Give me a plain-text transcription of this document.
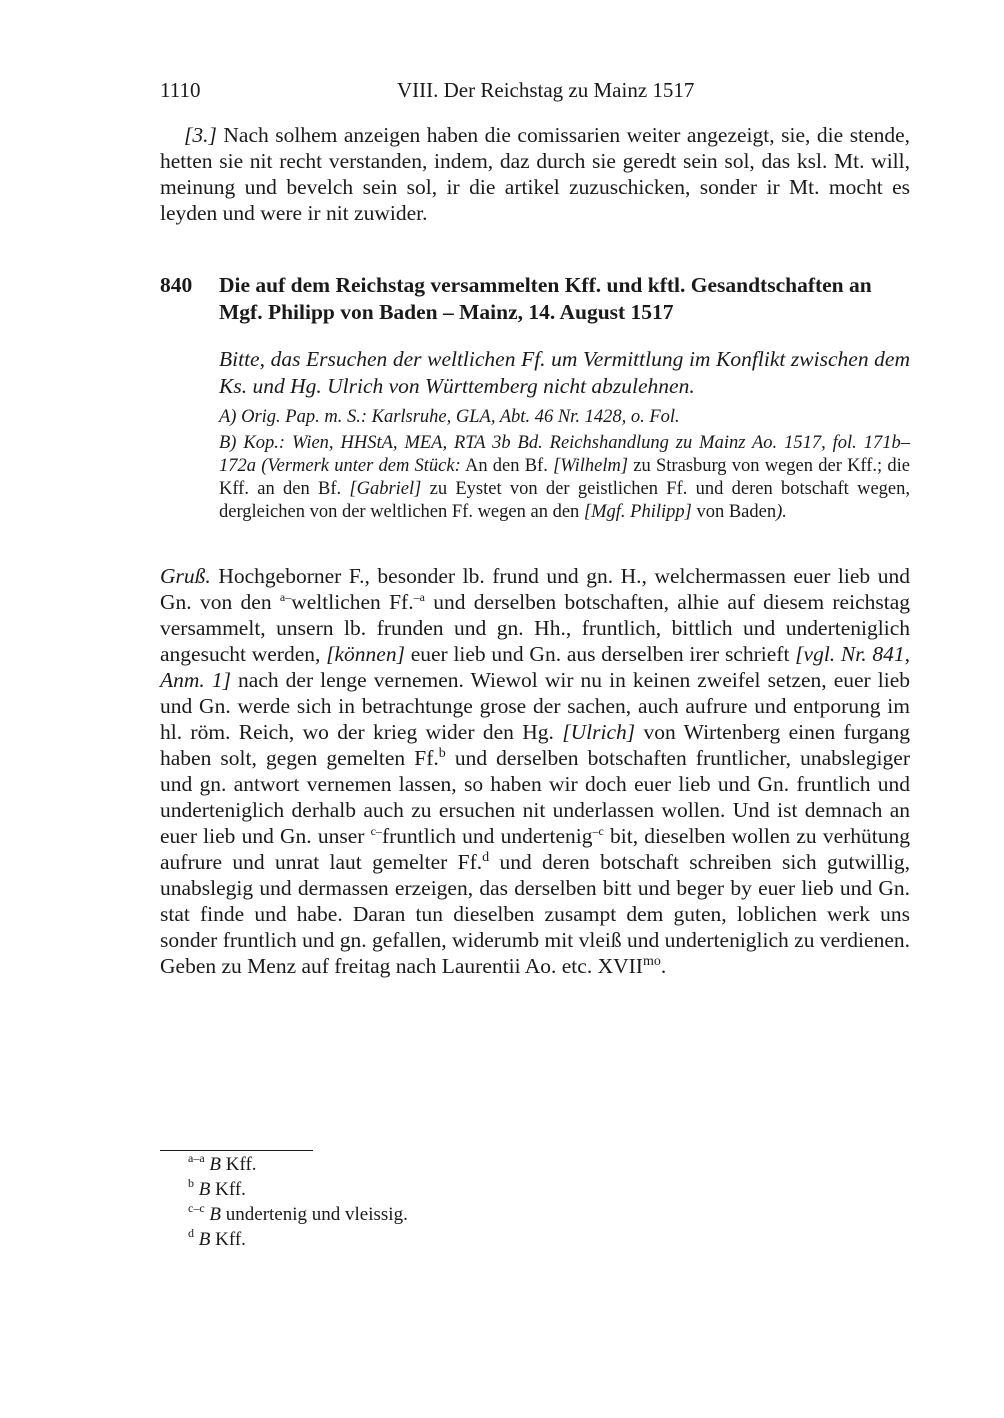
1110	VIII. Der Reichstag zu Mainz 1517

[3.] Nach solhem anzeigen haben die comissarien weiter angezeigt, sie, die stende, hetten sie nit recht verstanden, indem, daz durch sie geredt sein sol, das ksl. Mt. will, meinung und bevelch sein sol, ir die artikel zuzuschicken, sonder ir Mt. mocht es leyden und were ir nit zuwider.

840 Die auf dem Reichstag versammelten Kff. und kftl. Gesandtschaften an Mgf. Philipp von Baden – Mainz, 14. August 1517

Bitte, das Ersuchen der weltlichen Ff. um Vermittlung im Konflikt zwischen dem Ks. und Hg. Ulrich von Württemberg nicht abzulehnen.

A) Orig. Pap. m. S.: Karlsruhe, GLA, Abt. 46 Nr. 1428, o. Fol.

B) Kop.: Wien, HHStA, MEA, RTA 3b Bd. Reichshandlung zu Mainz Ao. 1517, fol. 171b–172a (Vermerk unter dem Stück: An den Bf. [Wilhelm] zu Strasburg von wegen der Kff.; die Kff. an den Bf. [Gabriel] zu Eystet von der geistlichen Ff. und deren botschaft wegen, dergleichen von der weltlichen Ff. wegen an den [Mgf. Philipp] von Baden).

Gruß. Hochgeborner F., besonder lb. frund und gn. H., welchermassen euer lieb und Gn. von den $^{a-}$weltlichen Ff.$^{-a}$ und derselben botschaften, alhie auf diesem reichstag versammelt, unsern lb. frunden und gn. Hh., fruntlich, bittlich und underteniglich angesucht werden, [können] euer lieb und Gn. aus derselben irer schrieft [vgl. Nr. 841, Anm. 1] nach der lenge vernemen. Wiewol wir nu in keinen zweifel setzen, euer lieb und Gn. werde sich in betrachtunge grose der sachen, auch aufrure und entporung im hl. röm. Reich, wo der krieg wider den Hg. [Ulrich] von Wirtenberg einen furgang haben solt, gegen gemelten Ff.$^b$ und derselben botschaften fruntlicher, unabslegiger und gn. antwort vernemen lassen, so haben wir doch euer lieb und Gn. fruntlich und underteniglich derhalb auch zu ersuchen nit underlassen wollen. Und ist demnach an euer lieb und Gn. unser $^{c-}$fruntlich und undertenig$^{-c}$ bit, dieselben wollen zu verhütung aufrure und unrat laut gemelter Ff.$^d$ und deren botschaft schreiben sich gutwillig, unabslegig und dermassen erzeigen, das derselben bitt und beger by euer lieb und Gn. stat finde und habe. Daran tun dieselben zusampt dem guten, loblichen werk uns sonder fruntlich und gn. gefallen, widerumb mit vleiß und underteniglich zu verdienen. Geben zu Menz auf freitag nach Laurentii Ao. etc. $XVII^{mo}$.

$^{a-a}$ B Kff.
$^b$ B Kff.
$^{c-c}$ B undertenig und vleissig.
$^d$ B Kff.
